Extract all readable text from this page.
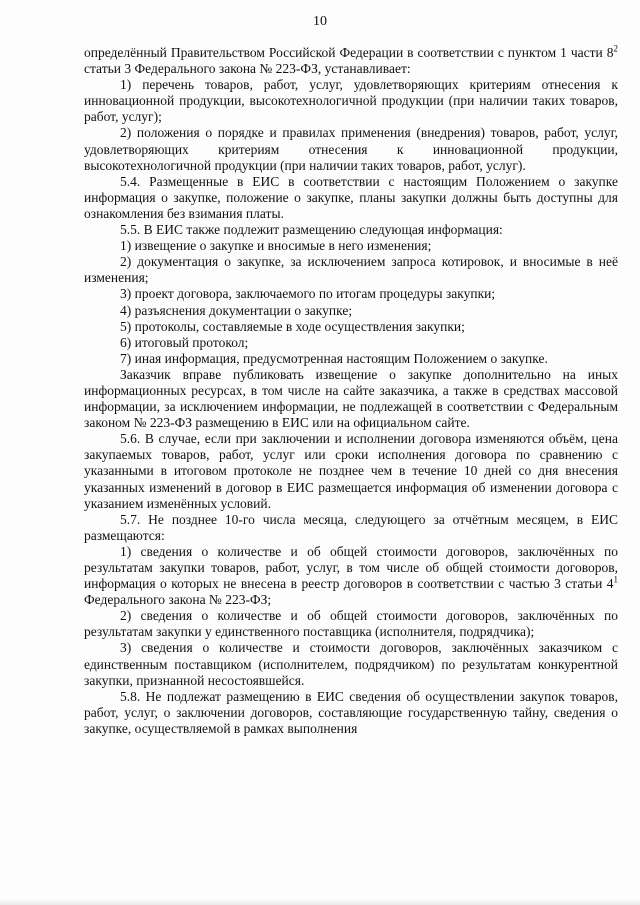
10

определённый Правительством Российской Федерации в соответствии с пунктом 1 части $8^2$ статьи 3 Федерального закона № 223-ФЗ, устанавливает:

1) перечень товаров, работ, услуг, удовлетворяющих критериям отнесения к инновационной продукции, высокотехнологичной продукции (при наличии таких товаров, работ, услуг);

2) положения о порядке и правилах применения (внедрения) товаров, работ, услуг, удовлетворяющих критериям отнесения к инновационной продукции, высокотехнологичной продукции (при наличии таких товаров, работ, услуг).

5.4. Размещенные в ЕИС в соответствии с настоящим Положением о закупке информация о закупке, положение о закупке, планы закупки должны быть доступны для ознакомления без взимания платы.

5.5. В ЕИС также подлежит размещению следующая информация:

1) извещение о закупке и вносимые в него изменения;

2) документация о закупке, за исключением запроса котировок, и вносимые в неё изменения;

3) проект договора, заключаемого по итогам процедуры закупки;

4) разъяснения документации о закупке;

5) протоколы, составляемые в ходе осуществления закупки;

6) итоговый протокол;

7) иная информация, предусмотренная настоящим Положением о закупке.

Заказчик вправе публиковать извещение о закупке дополнительно на иных информационных ресурсах, в том числе на сайте заказчика, а также в средствах массовой информации, за исключением информации, не подлежащей в соответствии с Федеральным законом № 223-ФЗ размещению в ЕИС или на официальном сайте.

5.6. В случае, если при заключении и исполнении договора изменяются объём, цена закупаемых товаров, работ, услуг или сроки исполнения договора по сравнению с указанными в итоговом протоколе не позднее чем в течение 10 дней со дня внесения указанных изменений в договор в ЕИС размещается информация об изменении договора с указанием изменённых условий.

5.7. Не позднее 10-го числа месяца, следующего за отчётным месяцем, в ЕИС размещаются:

1) сведения о количестве и об общей стоимости договоров, заключённых по результатам закупки товаров, работ, услуг, в том числе об общей стоимости договоров, информация о которых не внесена в реестр договоров в соответствии с частью 3 статьи $4^1$ Федерального закона № 223-ФЗ;

2) сведения о количестве и об общей стоимости договоров, заключённых по результатам закупки у единственного поставщика (исполнителя, подрядчика);

3) сведения о количестве и стоимости договоров, заключённых заказчиком с единственным поставщиком (исполнителем, подрядчиком) по результатам конкурентной закупки, признанной несостоявшейся.

5.8. Не подлежат размещению в ЕИС сведения об осуществлении закупок товаров, работ, услуг, о заключении договоров, составляющие государственную тайну, сведения о закупке, осуществляемой в рамках выполнения
